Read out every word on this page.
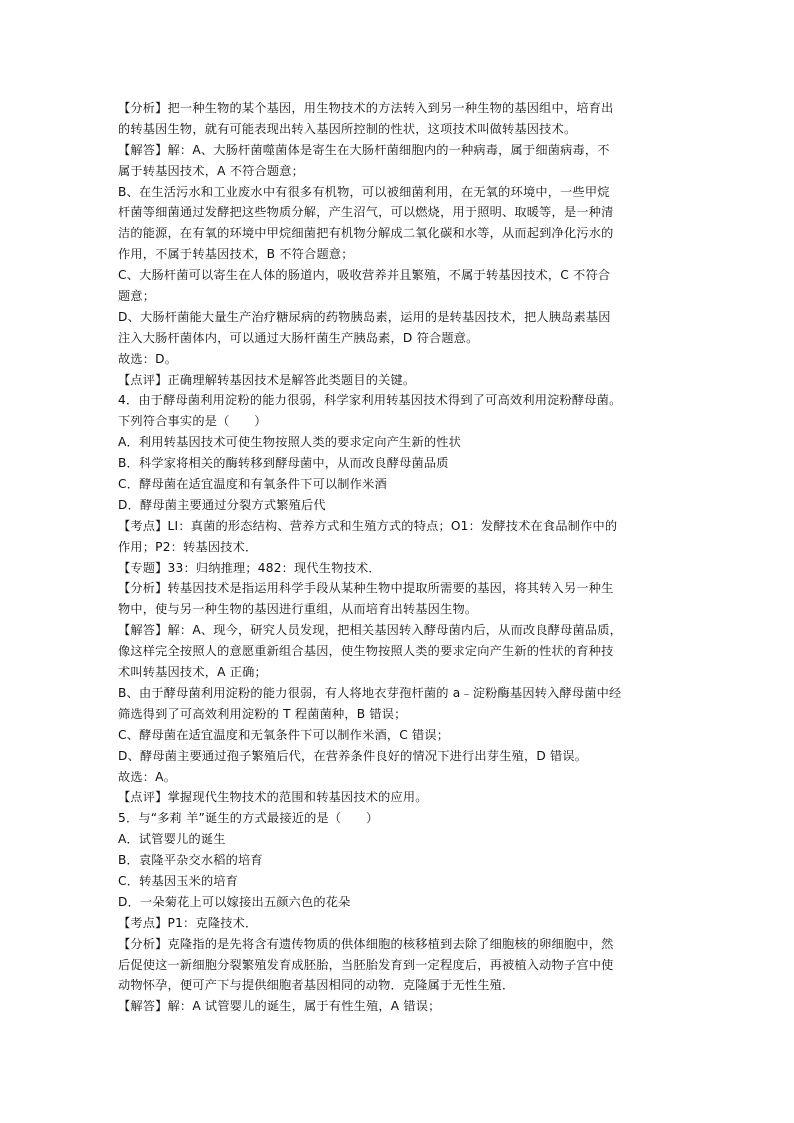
【分析】把一种生物的某个基因，用生物技术的方法转入到另一种生物的基因组中，培育出
的转基因生物，就有可能表现出转入基因所控制的性状，这项技术叫做转基因技术。
【解答】解：A、大肠杆菌噬菌体是寄生在大肠杆菌细胞内的一种病毒，属于细菌病毒，不
属于转基因技术，A 不符合题意；
B、在生活污水和工业废水中有很多有机物，可以被细菌利用，在无氧的环境中，一些甲烷
杆菌等细菌通过发酵把这些物质分解，产生沼气，可以燃烧，用于照明、取暖等，是一种清
洁的能源，在有氧的环境中甲烷细菌把有机物分解成二氧化碳和水等，从而起到净化污水的
作用，不属于转基因技术，B 不符合题意；
C、大肠杆菌可以寄生在人体的肠道内，吸收营养并且繁殖，不属于转基因技术，C 不符合
题意；
D、大肠杆菌能大量生产治疗糖尿病的药物胰岛素，运用的是转基因技术，把人胰岛素基因
注入大肠杆菌体内，可以通过大肠杆菌生产胰岛素，D 符合题意。
故选：D。
【点评】正确理解转基因技术是解答此类题目的关键。
4．由于酵母菌利用淀粉的能力很弱，科学家利用转基因技术得到了可高效利用淀粉酵母菌。
下列符合事实的是（　　）
A．利用转基因技术可使生物按照人类的要求定向产生新的性状
B．科学家将相关的酶转移到酵母菌中，从而改良酵母菌品质
C．酵母菌在适宜温度和有氧条件下可以制作米酒
D．酵母菌主要通过分裂方式繁殖后代
【考点】LI：真菌的形态结构、营养方式和生殖方式的特点；O1：发酵技术在食品制作中的
作用；P2：转基因技术．
【专题】33：归纳推理；482：现代生物技术．
【分析】转基因技术是指运用科学手段从某种生物中提取所需要的基因，将其转入另一种生
物中，使与另一种生物的基因进行重组，从而培育出转基因生物。
【解答】解：A、现今，研究人员发现，把相关基因转入酵母菌内后，从而改良酵母菌品质，
像这样完全按照人的意愿重新组合基因，使生物按照人类的要求定向产生新的性状的育种技
术叫转基因技术，A 正确；
B、由于酵母菌利用淀粉的能力很弱，有人将地衣芽孢杆菌的 a﹣淀粉酶基因转入酵母菌中经
筛选得到了可高效利用淀粉的 T 程菌菌种，B 错误；
C、酵母菌在适宜温度和无氧条件下可以制作米酒，C 错误；
D、酵母菌主要通过孢子繁殖后代，在营养条件良好的情况下进行出芽生殖，D 错误。
故选：A。
【点评】掌握现代生物技术的范围和转基因技术的应用。
5．与“多莉 羊”诞生的方式最接近的是（　　）
A．试管婴儿的诞生
B．袁隆平杂交水稻的培育
C．转基因玉米的培育
D．一朵菊花上可以嫁接出五颜六色的花朵
【考点】P1：克隆技术．
【分析】克隆指的是先将含有遗传物质的供体细胞的核移植到去除了细胞核的卵细胞中，然
后促使这一新细胞分裂繁殖发育成胚胎，当胚胎发育到一定程度后，再被植入动物子宫中使
动物怀孕，便可产下与提供细胞者基因相同的动物．克隆属于无性生殖．
【解答】解：A 试管婴儿的诞生，属于有性生殖，A 错误；
